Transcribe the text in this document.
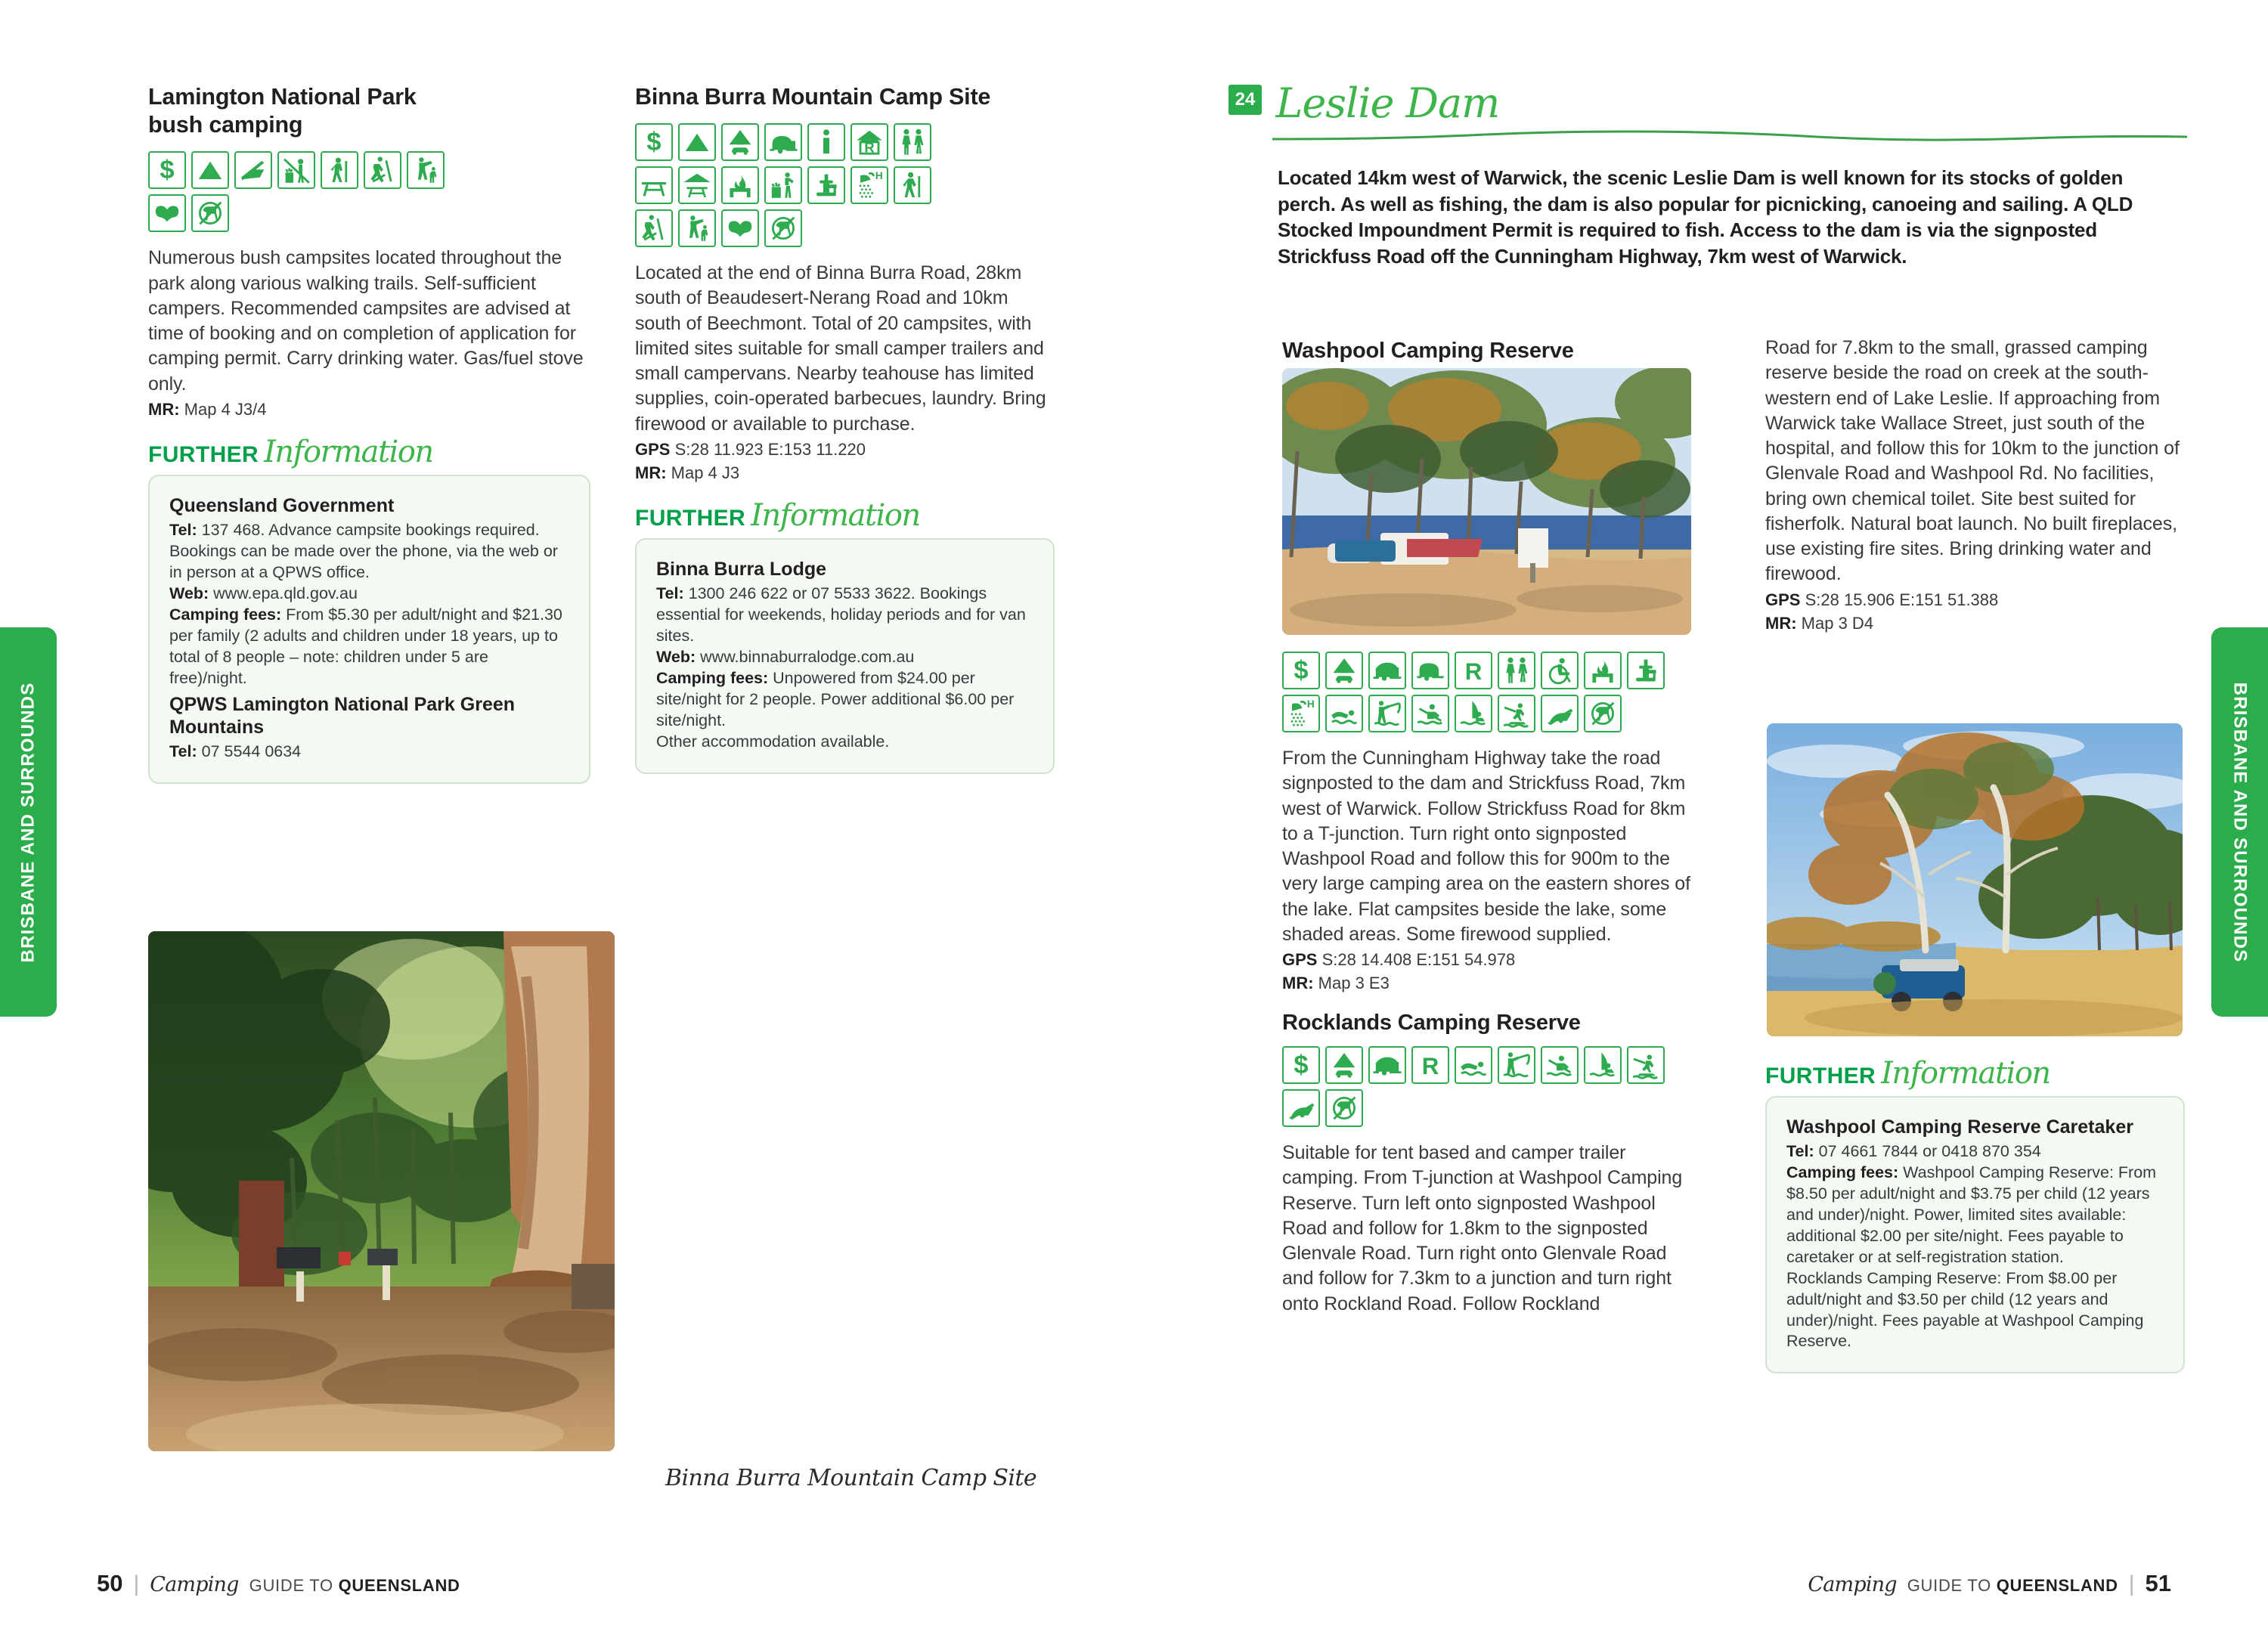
BRISBANE AND SURROUNDS	BRISBANE AND SURROUNDS
Lamington National Park
bush camping
$

Numerous bush campsites located throughout the park along various walking trails. Self-sufficient campers. Recommended campsites are advised at time of booking and on completion of application for camping permit. Carry drinking water. Gas/fuel stove only.

MR: Map 4 J3/4
FURTHER Information
Queensland Government

Tel: 137 468. Advance campsite bookings required. Bookings can be made over the phone, via the web or in person at a QPWS office.

Web: www.epa.qld.gov.au

Camping fees: From $5.30 per adult/night and $21.30 per family (2 adults and children under 18 years, up to total of 8 people – note: children under 5 are free)/night.

QPWS Lamington National Park Green Mountains

Tel: 07 5544 0634

Binna Burra Mountain Camp Site
$	R
H

Located at the end of Binna Burra Road, 28km south of Beaudesert-Nerang Road and 10km south of Beechmont. Total of 20 campsites, with limited sites suitable for small camper trailers and small campervans. Nearby teahouse has limited supplies, coin-operated barbecues, laundry. Bring firewood or available to purchase.

GPS S:28 11.923 E:153 11.220
MR: Map 4 J3
FURTHER Information
Binna Burra Lodge

Tel: 1300 246 622 or 07 5533 3622. Bookings essential for weekends, holiday periods and for van sites.

Web: www.binnaburralodge.com.au

Camping fees: Unpowered from $24.00 per site/night for 2 people. Power additional $6.00 per site/night.

Other accommodation available.

Binna Burra Mountain Camp Site
50 | Camping GUIDE TO QUEENSLAND
24 Leslie Dam

Located 14km west of Warwick, the scenic Leslie Dam is well known for its stocks of golden perch. As well as fishing, the dam is also popular for picnicking, canoeing and sailing. A QLD Stocked Impoundment Permit is required to fish. Access to the dam is via the signposted Strickfuss Road off the Cunningham Highway, 7km west of Warwick.

Washpool Camping Reserve
$	R
H

From the Cunningham Highway take the road signposted to the dam and Strickfuss Road, 7km west of Warwick. Follow Strickfuss Road for 8km to a T-junction. Turn right onto signposted Washpool Road and follow this for 900m to the very large camping area on the eastern shores of the lake. Flat campsites beside the lake, some shaded areas. Some firewood supplied.

GPS S:28 14.408 E:151 54.978
MR: Map 3 E3
Rocklands Camping Reserve
$ R

Suitable for tent based and camper trailer camping. From T-junction at Washpool Camping Reserve. Turn left onto signposted Washpool Road and follow for 1.8km to the signposted Glenvale Road. Turn right onto Glenvale Road and follow for 7.3km to a junction and turn right onto Rockland Road. Follow Rockland

Road for 7.8km to the small, grassed camping reserve beside the road on creek at the south-western end of Lake Leslie. If approaching from Warwick take Wallace Street, just south of the hospital, and follow this for 10km to the junction of Glenvale Road and Washpool Rd. No facilities, bring own chemical toilet. Site best suited for fisherfolk. Natural boat launch. No built fireplaces, use existing fire sites. Bring drinking water and firewood.

GPS S:28 15.906 E:151 51.388
MR: Map 3 D4
FURTHER Information
Washpool Camping Reserve Caretaker

Tel: 07 4661 7844 or 0418 870 354

Camping fees: Washpool Camping Reserve: From $8.50 per adult/night and $3.75 per child (12 years and under)/night. Power, limited sites available: additional $2.00 per site/night. Fees payable to caretaker or at self-registration station.

Rocklands Camping Reserve: From $8.00 per adult/night and $3.50 per child (12 years and under)/night. Fees payable at Washpool Camping Reserve.

Camping GUIDE TO QUEENSLAND | 51
